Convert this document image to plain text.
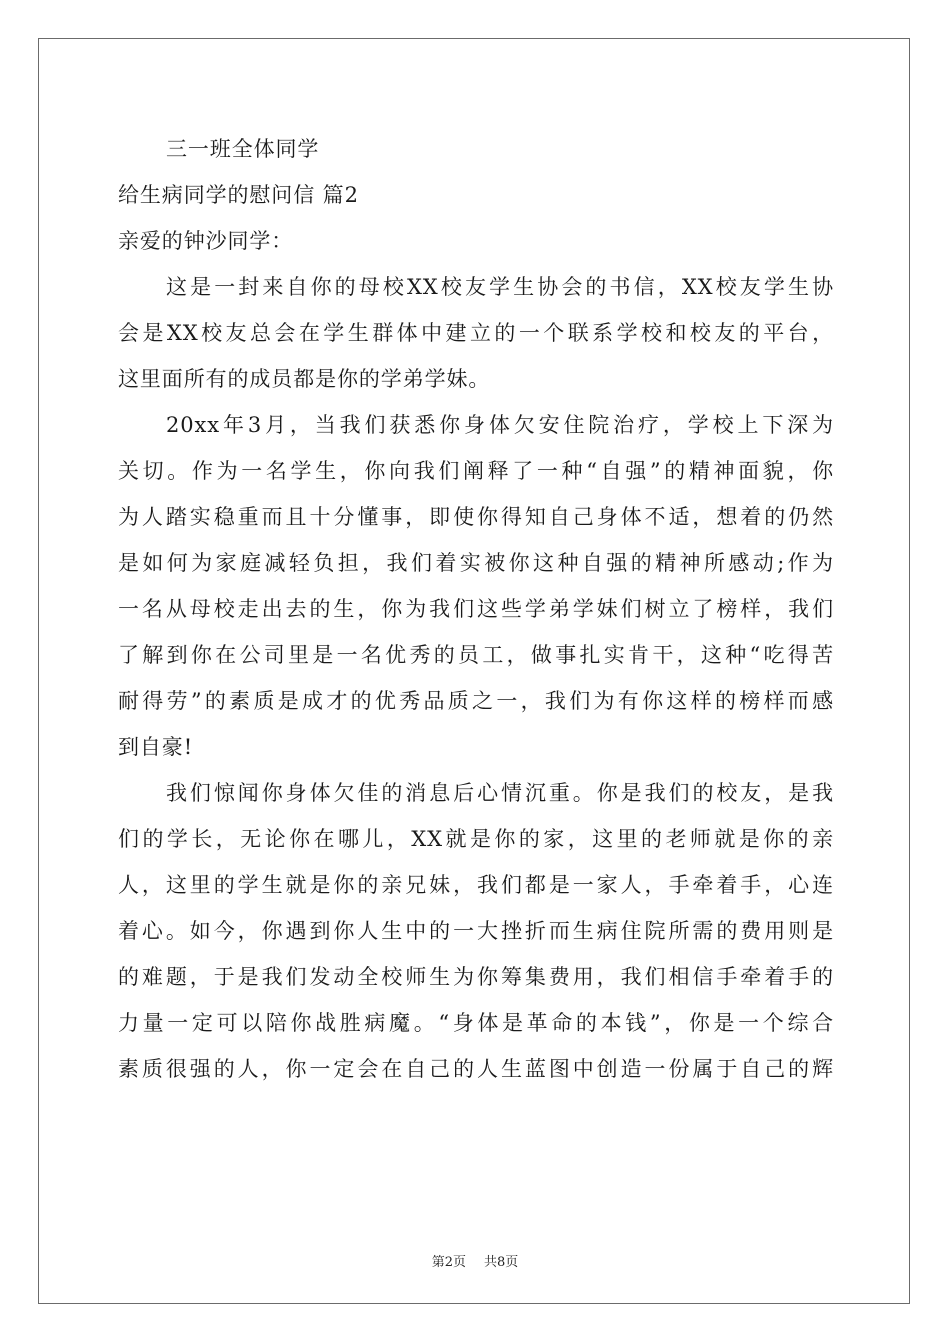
三一班全体同学
给生病同学的慰问信 篇2
亲爱的钟沙同学：
这是一封来自你的母校XX校友学生协会的书信，XX校友学生协
会是XX校友总会在学生群体中建立的一个联系学校和校友的平台，
这里面所有的成员都是你的学弟学妹。
20xx年3月，当我们获悉你身体欠安住院治疗，学校上下深为
关切。作为一名学生，你向我们阐释了一种“自强”的精神面貌，你
为人踏实稳重而且十分懂事，即使你得知自己身体不适，想着的仍然
是如何为家庭减轻负担，我们着实被你这种自强的精神所感动;作为
一名从母校走出去的生，你为我们这些学弟学妹们树立了榜样，我们
了解到你在公司里是一名优秀的员工，做事扎实肯干，这种“吃得苦
耐得劳”的素质是成才的优秀品质之一，我们为有你这样的榜样而感
到自豪!
我们惊闻你身体欠佳的消息后心情沉重。你是我们的校友，是我
们的学长，无论你在哪儿，XX就是你的家，这里的老师就是你的亲
人，这里的学生就是你的亲兄妹，我们都是一家人，手牵着手，心连
着心。如今，你遇到你人生中的一大挫折而生病住院所需的费用则是
的难题，于是我们发动全校师生为你筹集费用，我们相信手牵着手的
力量一定可以陪你战胜病魔。“身体是革命的本钱”，你是一个综合
素质很强的人，你一定会在自己的人生蓝图中创造一份属于自己的辉
第2页 共8页
